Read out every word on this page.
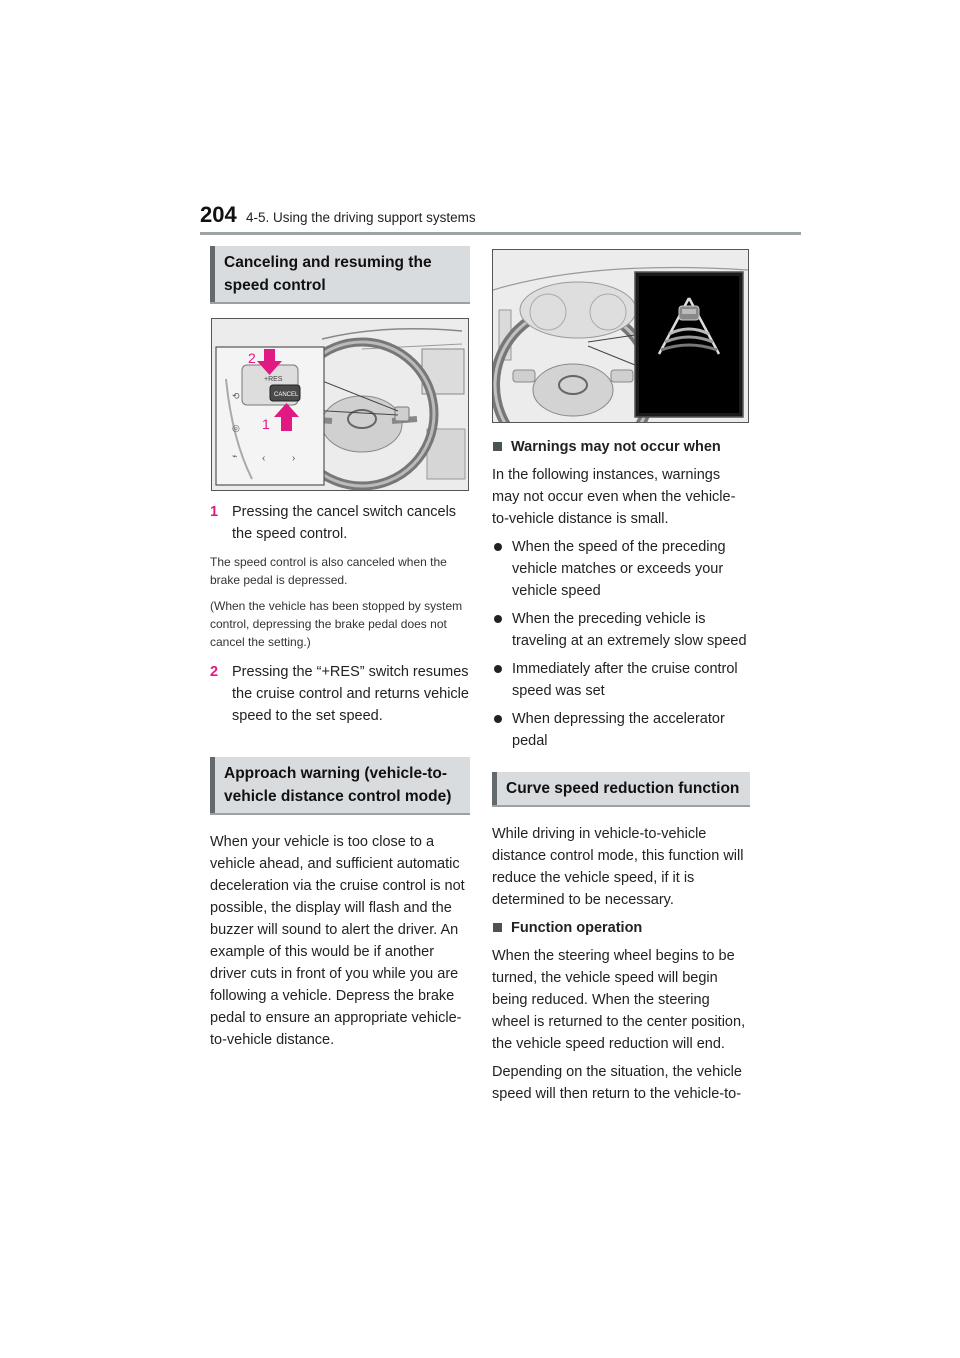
204 4-5. Using the driving support systems
Canceling and resuming the speed control
+RES
CANCEL
⟲
◎
⌁ ‹	›
2
1
1 Pressing the cancel switch cancels the speed control.
The speed control is also canceled when the brake pedal is depressed.
(When the vehicle has been stopped by system control, depressing the brake pedal does not cancel the setting.)
2 Pressing the “+RES” switch resumes the cruise control and returns vehicle speed to the set speed.
Approach warning (vehicle-to-vehicle distance control mode)

When your vehicle is too close to a vehicle ahead, and sufficient automatic deceleration via the cruise control is not possible, the display will flash and the buzzer will sound to alert the driver. An example of this would be if another driver cuts in front of you while you are following a vehicle. Depress the brake pedal to ensure an appropriate vehicle-to-vehicle distance.

Warnings may not occur when

In the following instances, warnings may not occur even when the vehicle-to-vehicle distance is small.

When the speed of the preceding vehicle matches or exceeds your vehicle speed
When the preceding vehicle is traveling at an extremely slow speed
Immediately after the cruise control speed was set
When depressing the accelerator pedal
Curve speed reduction function

While driving in vehicle-to-vehicle distance control mode, this function will reduce the vehicle speed, if it is determined to be necessary.

Function operation

When the steering wheel begins to be turned, the vehicle speed will begin being reduced. When the steering wheel is returned to the center position, the vehicle speed reduction will end.

Depending on the situation, the vehicle speed will then return to the vehicle-to-
